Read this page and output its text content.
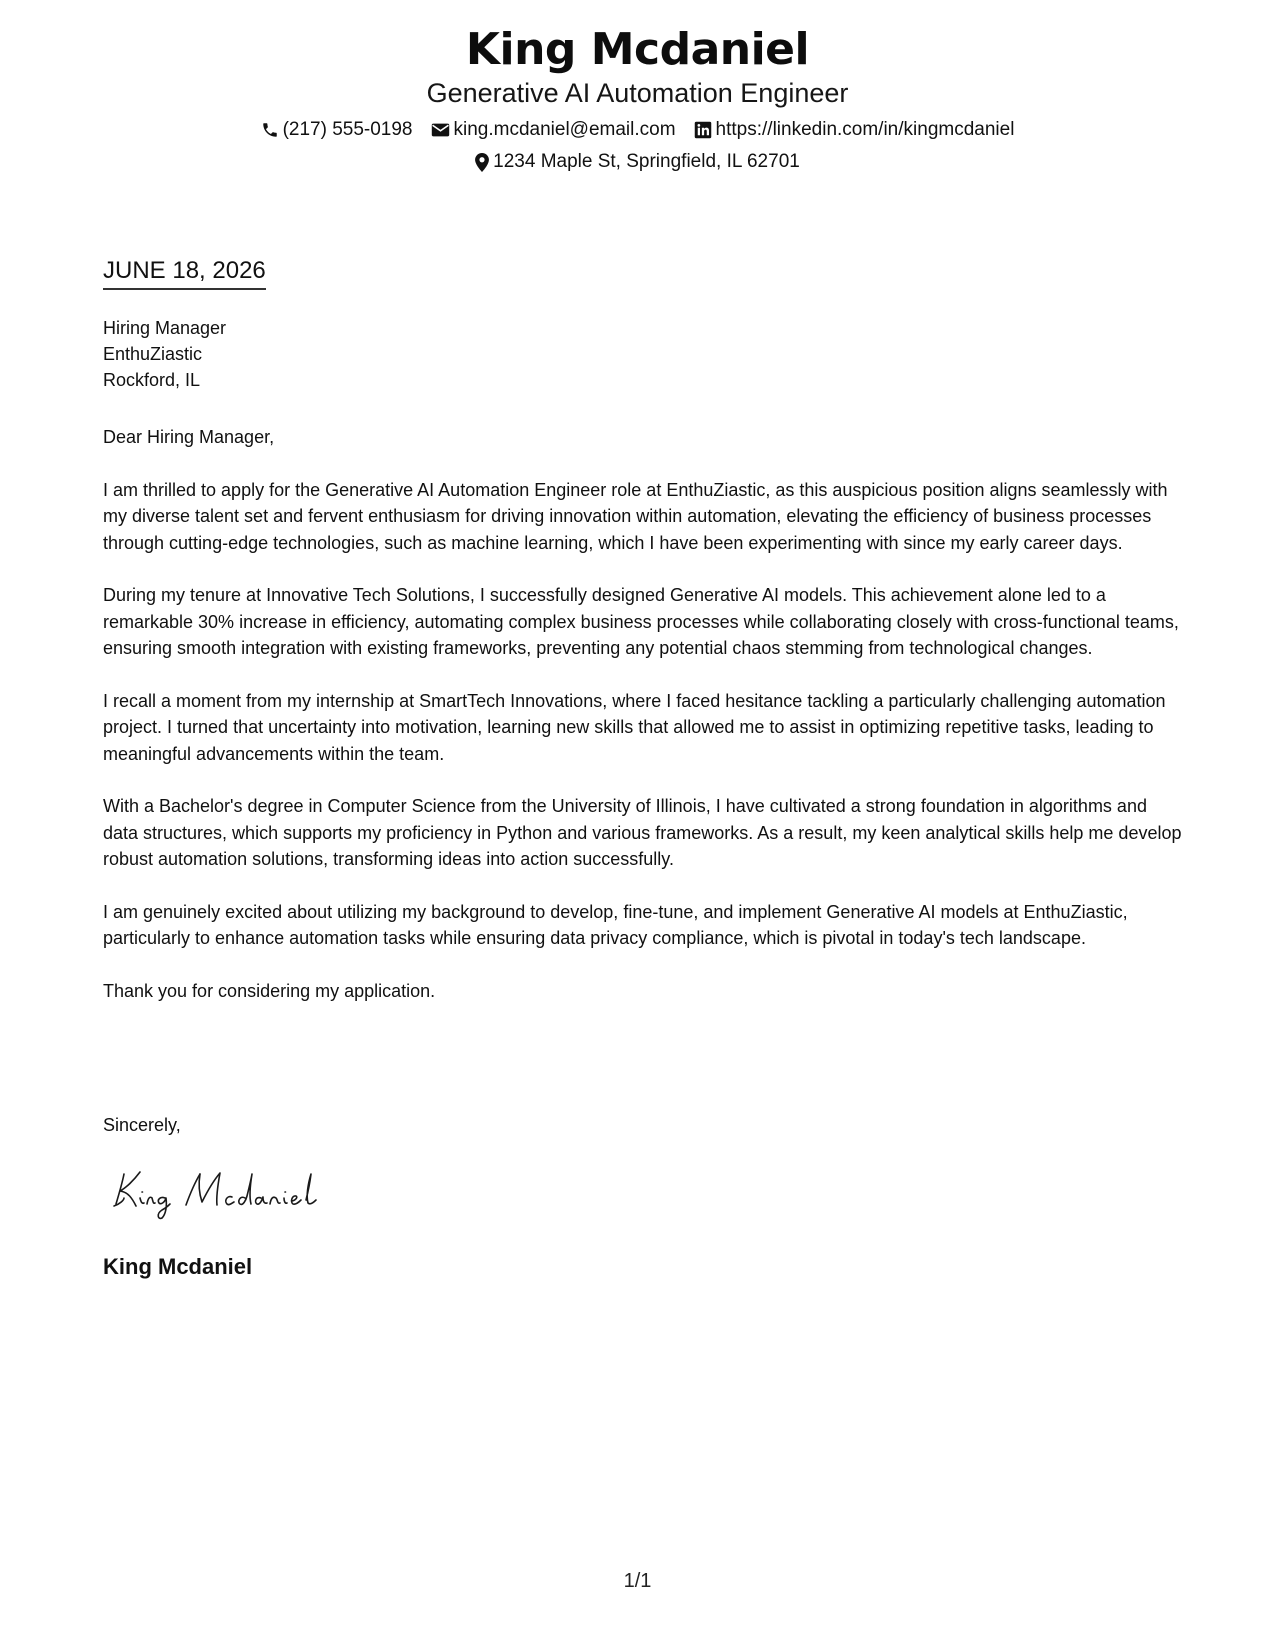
King Mcdaniel
Generative AI Automation Engineer
(217) 555-0198 king.mcdaniel@email.com https://linkedin.com/in/kingmcdaniel
1234 Maple St, Springfield, IL 62701
JUNE 18, 2026
Hiring Manager
EnthuZiastic
Rockford, IL

Dear Hiring Manager,

I am thrilled to apply for the Generative AI Automation Engineer role at EnthuZiastic, as this auspicious position aligns seamlessly with my diverse talent set and fervent enthusiasm for driving innovation within automation, elevating the efficiency of business processes through cutting-edge technologies, such as machine learning, which I have been experimenting with since my early career days.

During my tenure at Innovative Tech Solutions, I successfully designed Generative AI models. This achievement alone led to a remarkable 30% increase in efficiency, automating complex business processes while collaborating closely with cross-functional teams, ensuring smooth integration with existing frameworks, preventing any potential chaos stemming from technological changes.

I recall a moment from my internship at SmartTech Innovations, where I faced hesitance tackling a particularly challenging automation project. I turned that uncertainty into motivation, learning new skills that allowed me to assist in optimizing repetitive tasks, leading to meaningful advancements within the team.

With a Bachelor's degree in Computer Science from the University of Illinois, I have cultivated a strong foundation in algorithms and data structures, which supports my proficiency in Python and various frameworks. As a result, my keen analytical skills help me develop robust automation solutions, transforming ideas into action successfully.

I am genuinely excited about utilizing my background to develop, fine-tune, and implement Generative AI models at EnthuZiastic, particularly to enhance automation tasks while ensuring data privacy compliance, which is pivotal in today's tech landscape.

Thank you for considering my application.

Sincerely,
King Mcdaniel
1/1
